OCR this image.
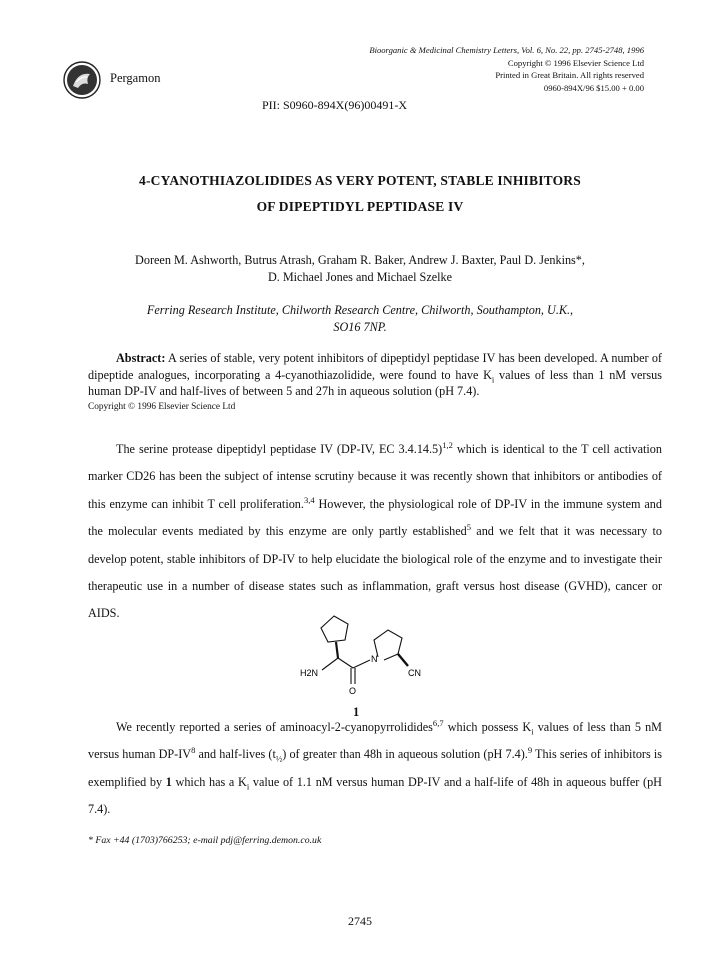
Bioorganic & Medicinal Chemistry Letters, Vol. 6, No. 22, pp. 2745-2748, 1996
Copyright © 1996 Elsevier Science Ltd
Printed in Great Britain. All rights reserved
0960-894X/96 $15.00 + 0.00
Pergamon
PII: S0960-894X(96)00491-X
4-CYANOTHIAZOLIDIDES AS VERY POTENT, STABLE INHIBITORS
OF DIPEPTIDYL PEPTIDASE IV
Doreen M. Ashworth, Butrus Atrash, Graham R. Baker, Andrew J. Baxter, Paul D. Jenkins*,
D. Michael Jones and Michael Szelke
Ferring Research Institute, Chilworth Research Centre, Chilworth, Southampton, U.K.,
SO16 7NP.
Abstract: A series of stable, very potent inhibitors of dipeptidyl peptidase IV has been developed. A number of dipeptide analogues, incorporating a 4-cyanothiazolidide, were found to have $K_i$ values of less than 1 nM versus human DP-IV and half-lives of between 5 and 27h in aqueous solution (pH 7.4).
Copyright © 1996 Elsevier Science Ltd
The serine protease dipeptidyl peptidase IV (DP-IV, EC 3.4.14.5)$^{1,2}$ which is identical to the T cell activation marker CD26 has been the subject of intense scrutiny because it was recently shown that inhibitors or antibodies of this enzyme can inhibit T cell proliferation.$^{3,4}$ However, the physiological role of DP-IV in the immune system and the molecular events mediated by this enzyme are only partly established$^5$ and we felt that it was necessary to develop potent, stable inhibitors of DP-IV to help elucidate the biological role of the enzyme and to investigate their therapeutic use in a number of disease states such as inflammation, graft versus host disease (GVHD), cancer or AIDS.
H2N
N
CN
O
1
We recently reported a series of aminoacyl-2-cyanopyrrolidides$^{6,7}$ which possess $K_i$ values of less than 5 nM versus human $DP-IV^8$ and half-lives $(t_{\frac{1}{2}})$ of greater than 48h in aqueous solution (pH 7.4).$^9$ This series of inhibitors is exemplified by 1 which has a $K_i$ value of 1.1 nM versus human DP-IV and a half-life of 48h in aqueous buffer (pH 7.4).
* Fax +44 (1703)766253; e-mail pdj@ferring.demon.co.uk
2745
